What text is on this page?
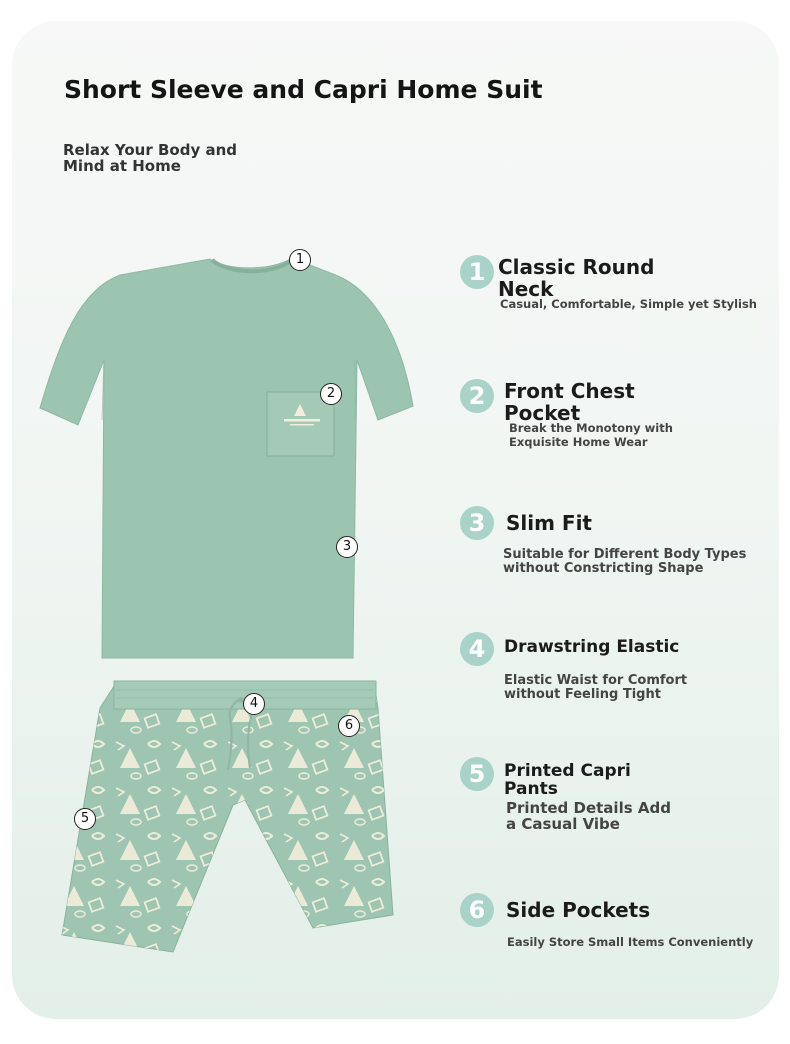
Short Sleeve and Capri Home Suit

Relax Your Body and
Mind at Home

1
2
3
4
5
6
1 Classic Round
Neck

Casual, Comfortable, Simple yet Stylish

2 Front Chest
Pocket

Break the Monotony with
Exquisite Home Wear

3	Slim Fit

Suitable for Different Body Types
without Constricting Shape

4	Drawstring Elastic

Elastic Waist for Comfort
without Feeling Tight

5	Printed Capri
Pants

Printed Details Add
a Casual Vibe

6	Side Pockets

Easily Store Small Items Conveniently
